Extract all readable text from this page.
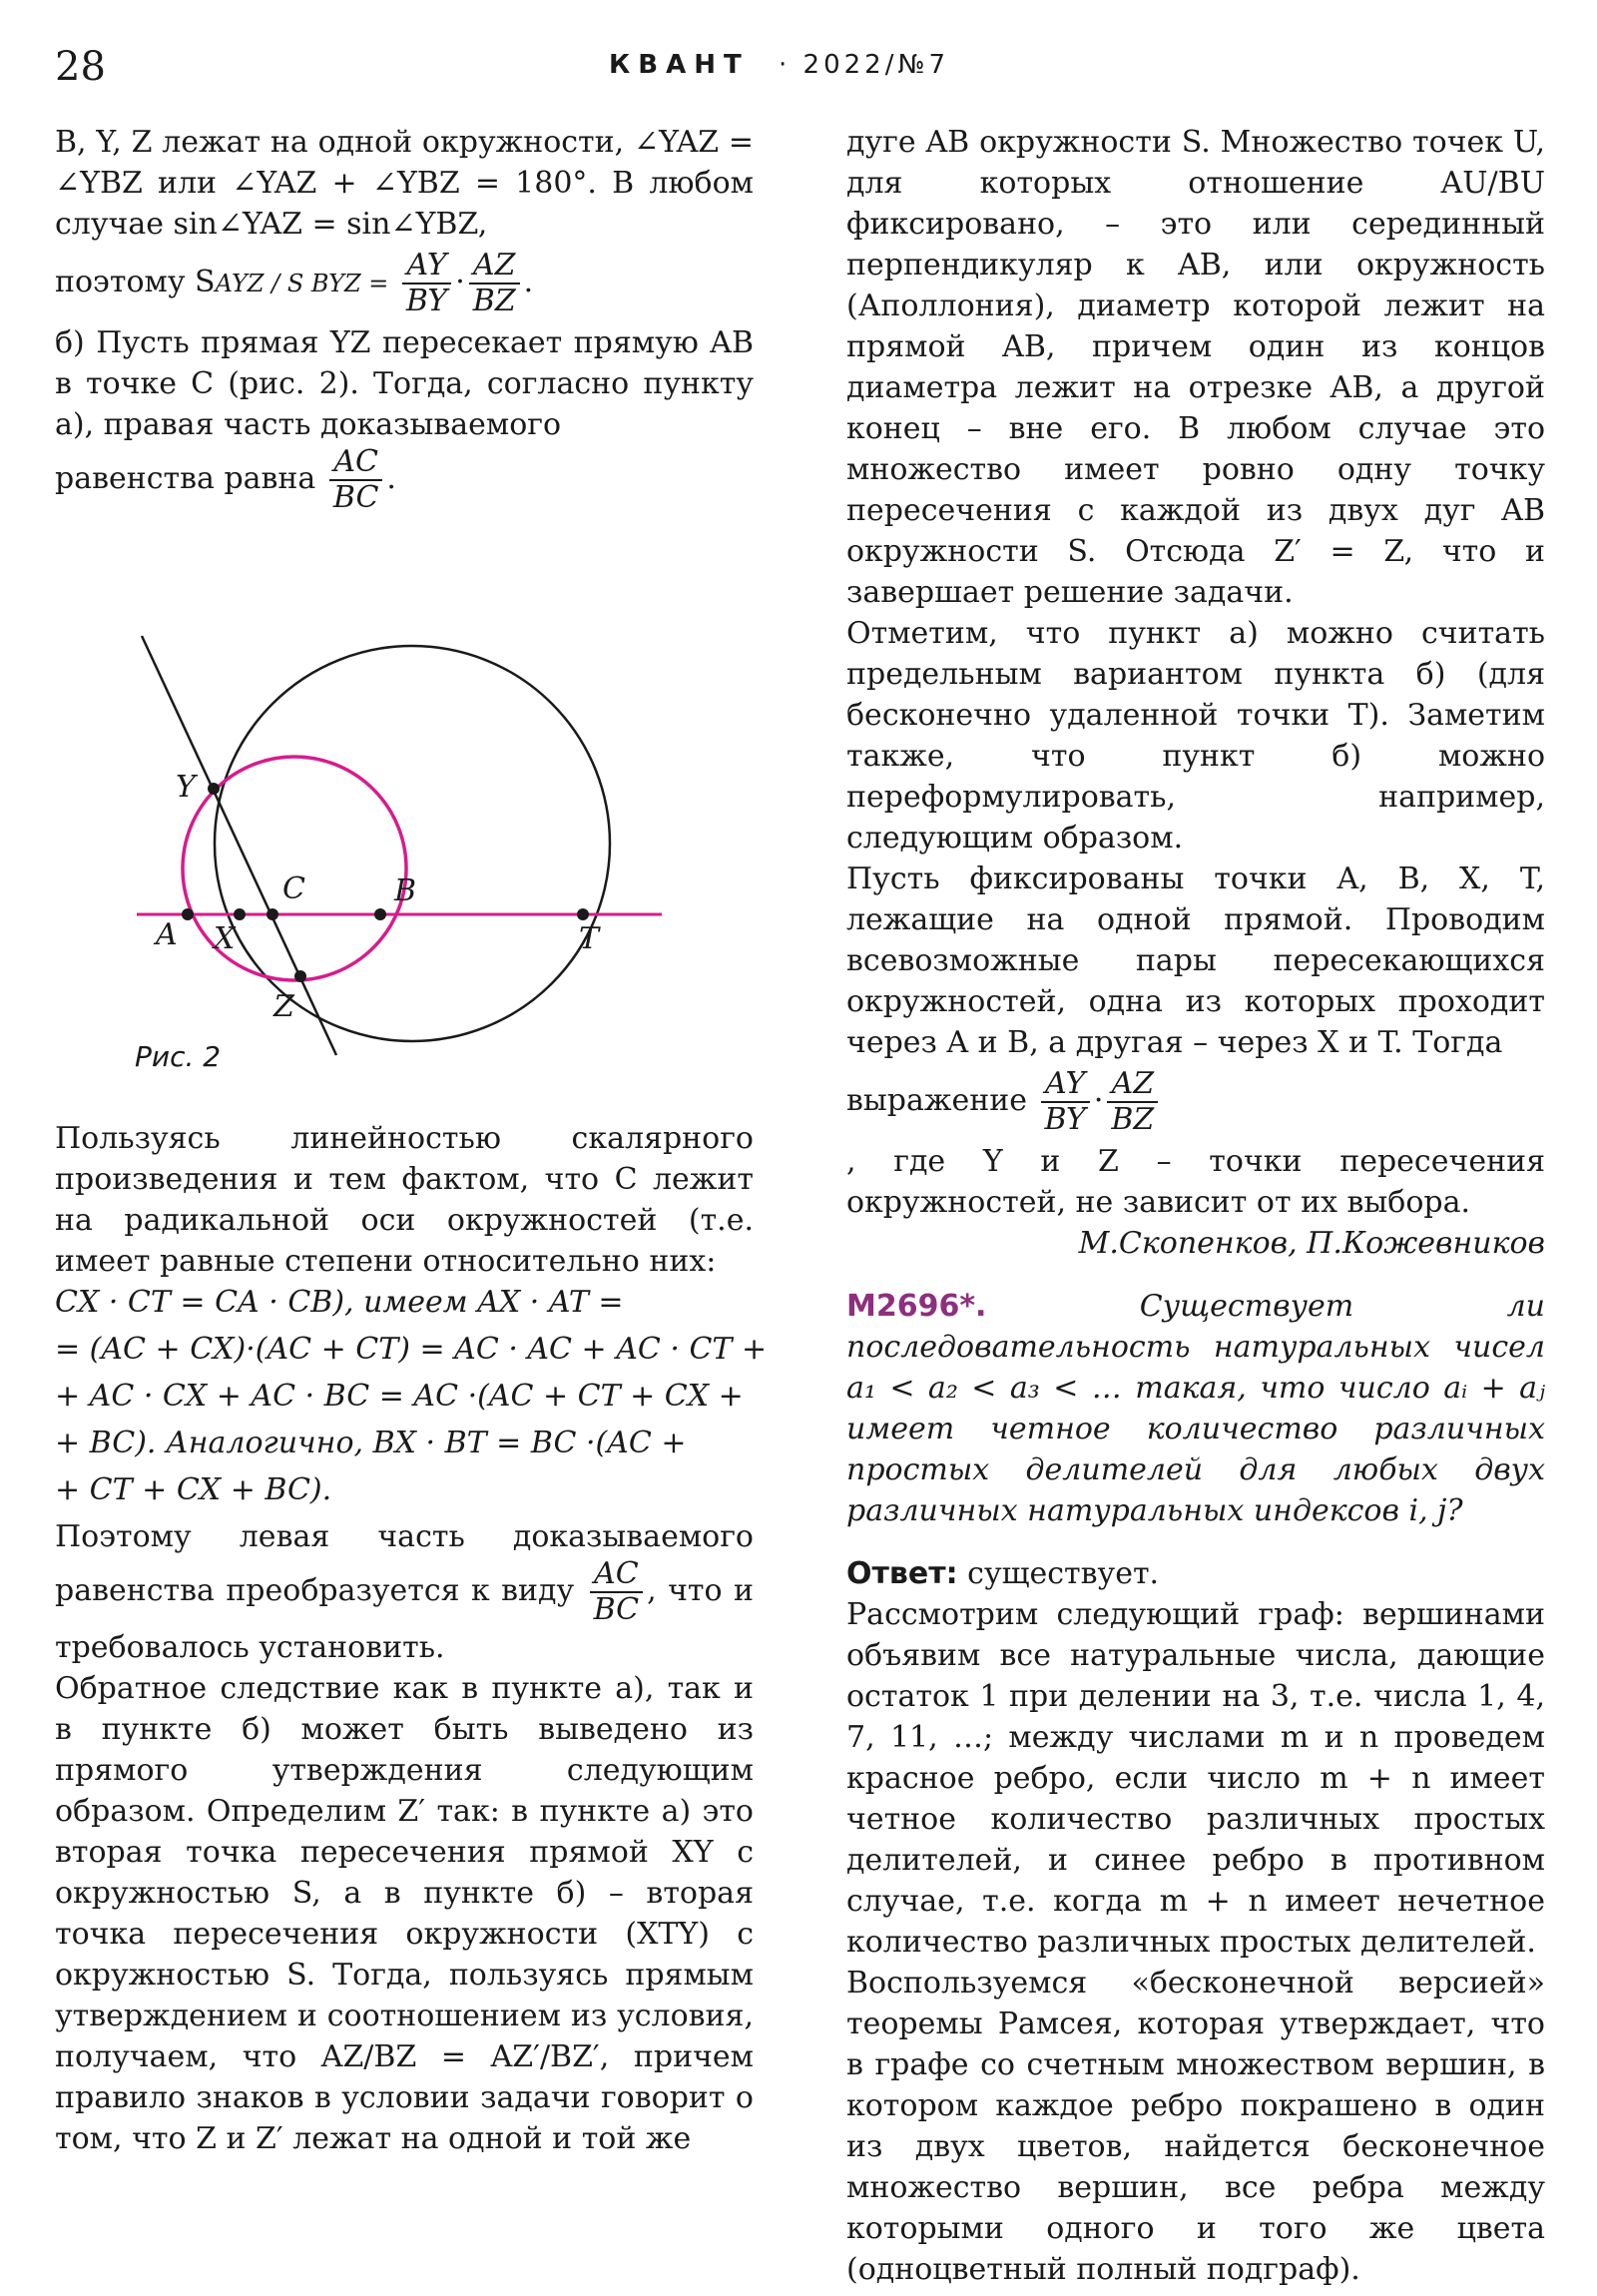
28	КВАНТ · 2022/№7

B, Y, Z лежат на одной окружности, ∠YAZ = ∠YBZ или ∠YAZ + ∠YBZ = 180°. В любом случае sin∠YAZ = sin∠YBZ,

поэтому SAYZ / S BYZ = $\frac{AY}{BY} \cdot \frac{AZ}{BZ}$ .

б) Пусть прямая YZ пересекает прямую AB в точке C (рис. 2). Тогда, согласно пункту а), правая часть доказываемого

равенства равна $\frac{AC}{BC}$ .

Y
C	B
A X	T
Z
Рис. 2

Пользуясь линейностью скалярного произведения и тем фактом, что C лежит на радикальной оси окружностей (т.е. имеет равные степени относительно них:

CX · CT = CA · CB), имеем AX · AT =

= (AC + CX)·(AC + CT) = AC · AC + AC · CT +

+ AC · CX + AC · BC = AC ·(AC + CT + CX +

+ BC). Аналогично, BX · BT = BC ·(AC +

+ CT + CX + BC).

Поэтому левая часть доказываемого равенства преобразуется к виду $\frac{AC}{BC}$ , что и требовалось установить.

Обратное следствие как в пункте а), так и в пункте б) может быть выведено из прямого утверждения следующим образом. Определим Z′ так: в пункте а) это вторая точка пересечения прямой XY с окружностью S, а в пункте б) – вторая точка пересечения окружности (XTY) с окружностью S. Тогда, пользуясь прямым утверждением и соотношением из условия, получаем, что AZ/BZ = AZ′/BZ′, причем правило знаков в условии задачи говорит о том, что Z и Z′ лежат на одной и той же

дуге AB окружности S. Множество точек U, для которых отношение AU/BU фиксировано, – это или серединный перпендикуляр к AB, или окружность (Аполлония), диаметр которой лежит на прямой AB, причем один из концов диаметра лежит на отрезке AB, а другой конец – вне его. В любом случае это множество имеет ровно одну точку пересечения с каждой из двух дуг AB окружности S. Отсюда Z′ = Z, что и завершает решение задачи.

Отметим, что пункт а) можно считать предельным вариантом пункта б) (для бесконечно удаленной точки T). Заметим также, что пункт б) можно переформулировать, например, следующим образом.

Пусть фиксированы точки A, B, X, T, лежащие на одной прямой. Проводим всевозможные пары пересекающихся окружностей, одна из которых проходит через A и B, а другая – через X и T. Тогда

выражение $\frac{AY}{BY} \cdot \frac{AZ}{BZ}$

, где Y и Z – точки пересечения окружностей, не зависит от их выбора.

М.Скопенков, П.Кожевников

М2696*.	Существует ли последовательность натуральных чисел a₁ < a₂ < a₃ < … такая, что число aᵢ + aⱼ имеет четное количество различных простых делителей для любых двух различных натуральных индексов i, j?

Ответ: существует.

Рассмотрим следующий граф: вершинами объявим все натуральные числа, дающие остаток 1 при делении на 3, т.е. числа 1, 4, 7, 11, …; между числами m и n проведем красное ребро, если число m + n имеет четное количество различных простых делителей, и синее ребро в противном случае, т.е. когда m + n имеет нечетное количество различных простых делителей.

Воспользуемся «бесконечной версией» теоремы Рамсея, которая утверждает, что в графе со счетным множеством вершин, в котором каждое ребро покрашено в один из двух цветов, найдется бесконечное множество вершин, все ребра между которыми одного и того же цвета (одноцветный полный подграф).
